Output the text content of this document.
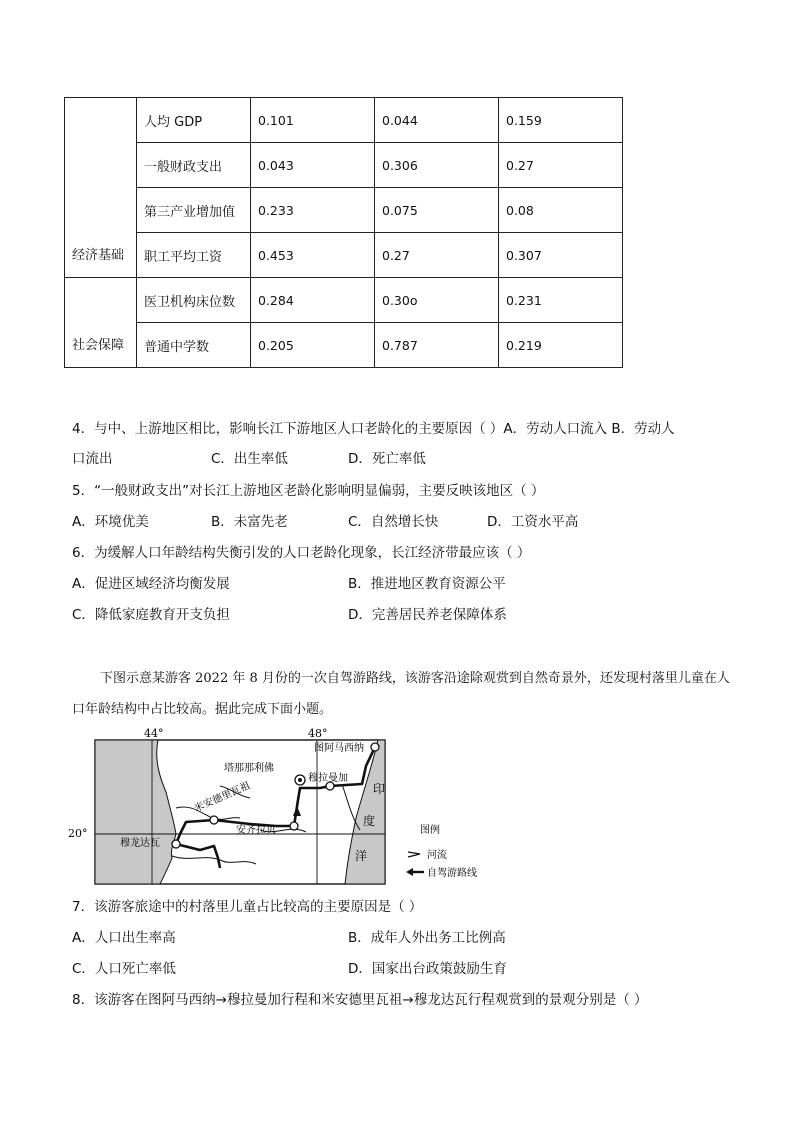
经济基础	人均 GDP	0.101	0.044	0.159
	一般财政支出	0.043	0.306	0.27
	第三产业增加值	0.233	0.075	0.08
	职工平均工资	0.453	0.27	0.307
社会保障	医卫机构床位数	0.284	0.30o	0.231
	普通中学数	0.205	0.787	0.219
4．与中、上游地区相比，影响长江下游地区人口老龄化的主要原因（ ）A．劳动人口流入 B．劳动人
口流出	C．出生率低	D．死亡率低
5．“一般财政支出”对长江上游地区老龄化影响明显偏弱，主要反映该地区（ ）
A．环境优美	B．未富先老	C．自然增长快	D．工资水平高
6．为缓解人口年龄结构失衡引发的人口老龄化现象，长江经济带最应该（ ）
A．促进区域经济均衡发展	B．推进地区教育资源公平
C．降低家庭教育开支负担	D．完善居民养老保障体系
下图示意某游客 2022 年 8 月份的一次自驾游路线，该游客沿途除观赏到自然奇景外，还发现村落里儿童在人口年龄结构中占比较高。据此完成下面小题。
44°	48°
20°
图阿马西纳
塔那那利佛
穆拉曼加
米安德里瓦祖
安齐拉贝
穆龙达瓦
印
度
洋
图例
河流
自驾游路线
7．该游客旅途中的村落里儿童占比较高的主要原因是（ ）
A．人口出生率高	B．成年人外出务工比例高
C．人口死亡率低	D．国家出台政策鼓励生育
8．该游客在图阿马西纳→穆拉曼加行程和米安德里瓦祖→穆龙达瓦行程观赏到的景观分别是（ ）
